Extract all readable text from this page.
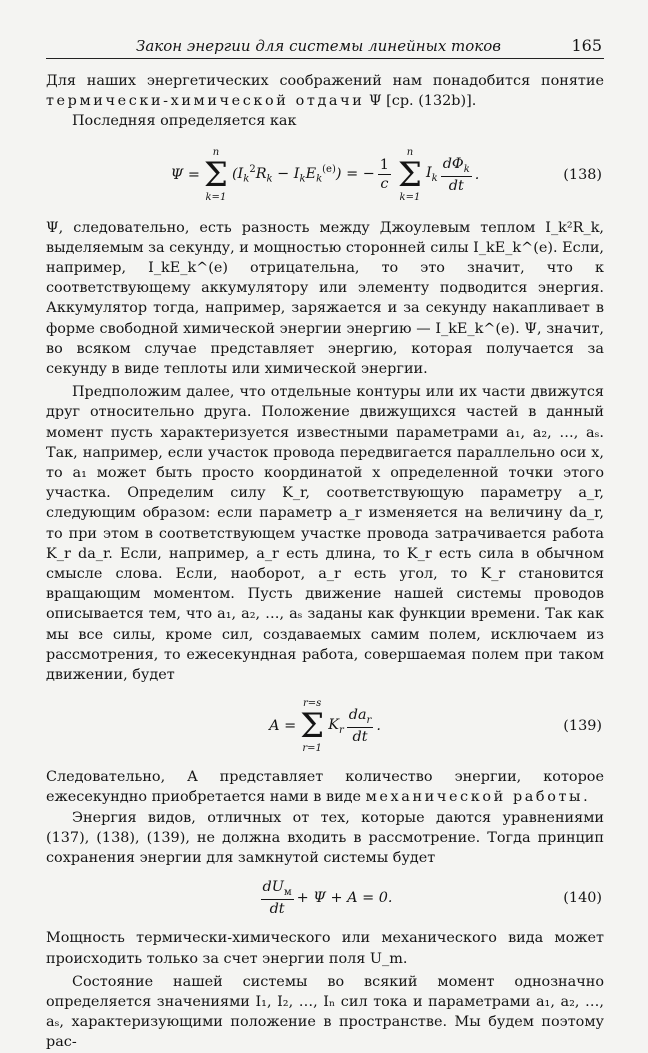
Закон энергии для системы линейных токов	165

Для наших энергетических соображений нам понадобится понятие термически-химической отдачи Ψ [ср. (132b)].

Последняя определяется как

Ψ =
n
Σ
k=1
$(I_k^2R_k - I_kE_k^{(e)})$ = − $\frac{1}{c}$
n
Σ
k=1
$I_k \frac{d\Phi_k}{dt}$ .	(138)

Ψ, следовательно, есть разность между Джоулевым теплом I_k²R_k, выделяемым за секунду, и мощностью сторонней силы I_kE_k^(e). Если, например, I_kE_k^(e) отрицательна, то это значит, что к соответствующему аккумулятору или элементу подводится энергия. Аккумулятор тогда, например, заряжается и за секунду накапливает в форме свободной химической энергии энергию — I_kE_k^(e). Ψ, значит, во всяком случае представляет энергию, которая получается за секунду в виде теплоты или химической энергии.

Предположим далее, что отдельные контуры или их части движутся друг относительно друга. Положение движущихся частей в данный момент пусть характеризуется известными параметрами a₁, a₂, …, aₛ. Так, например, если участок провода передвигается параллельно оси x, то a₁ может быть просто координатой x определенной точки этого участка. Определим силу K_r, соответствующую параметру a_r, следующим образом: если параметр a_r изменяется на величину da_r, то при этом в соответствующем участке провода затрачивается работа K_r da_r. Если, например, a_r есть длина, то K_r есть сила в обычном смысле слова. Если, наоборот, a_r есть угол, то K_r становится вращающим моментом. Пусть движение нашей системы проводов описывается тем, что a₁, a₂, …, aₛ заданы как функции времени. Так как мы все силы, кроме сил, создаваемых самим полем, исключаем из рассмотрения, то ежесекундная работа, совершаемая полем при таком движении, будет

A =
r=s
Σ
r=1
$K_r \frac{da_r}{dt}$ .	(139)

Следовательно, A представляет количество энергии, которое ежесекундно приобретается нами в виде механической работы.

Энергия видов, отличных от тех, которые даются уравнениями (137), (138), (139), не должна входить в рассмотрение. Тогда принцип сохранения энергии для замкнутой системы будет

$\frac{dU_м}{dt} + \Psi + A = 0$.	(140)

Мощность термически-химического или механического вида может происходить только за счет энергии поля U_m.

Состояние нашей системы во всякий момент однозначно определяется значениями I₁, I₂, …, Iₙ сил тока и параметрами a₁, a₂, …, aₛ, характеризующими положение в пространстве. Мы будем поэтому рас-
